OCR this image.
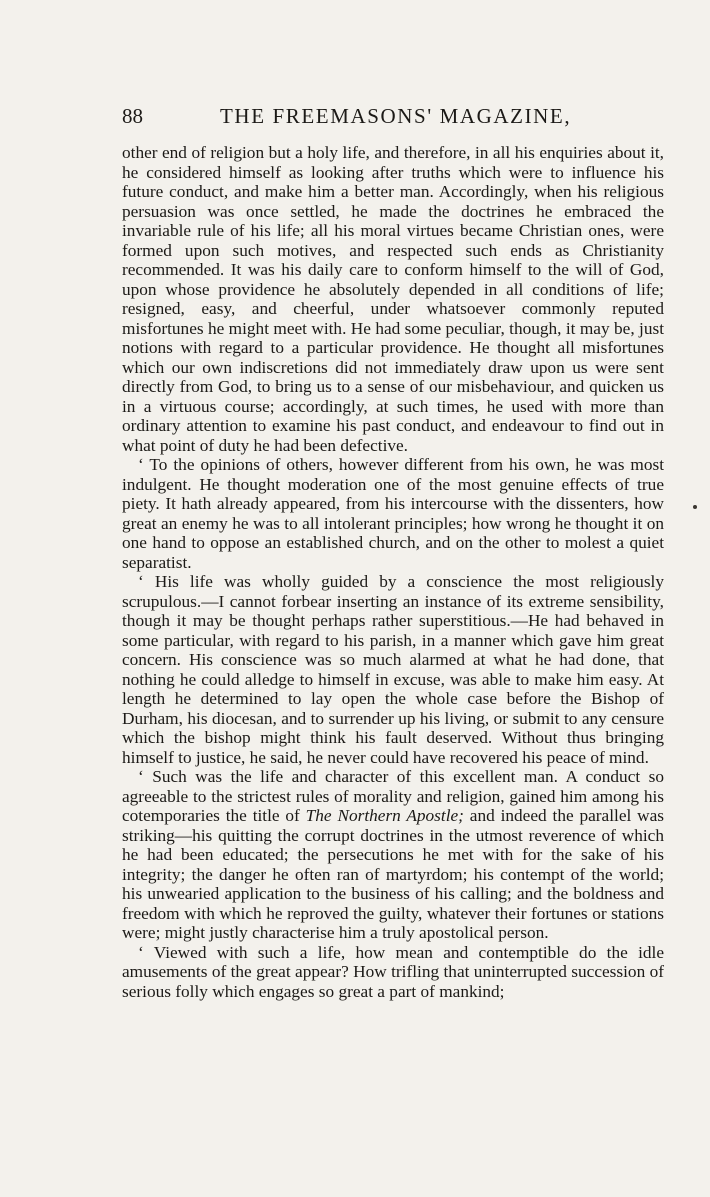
88	THE FREEMASONS' MAGAZINE,

other end of religion but a holy life, and therefore, in all his enquiries about it, he considered himself as looking after truths which were to influence his future conduct, and make him a better man. Accordingly, when his religious persuasion was once settled, he made the doctrines he embraced the invariable rule of his life; all his moral virtues became Christian ones, were formed upon such motives, and respected such ends as Christianity recommended. It was his daily care to conform himself to the will of God, upon whose providence he absolutely depended in all conditions of life; resigned, easy, and cheerful, under whatsoever commonly reputed misfortunes he might meet with. He had some peculiar, though, it may be, just notions with regard to a particular providence. He thought all misfortunes which our own indiscretions did not immediately draw upon us were sent directly from God, to bring us to a sense of our misbehaviour, and quicken us in a virtuous course; accordingly, at such times, he used with more than ordinary attention to examine his past conduct, and endeavour to find out in what point of duty he had been defective.

‘ To the opinions of others, however different from his own, he was most indulgent. He thought moderation one of the most genuine effects of true piety. It hath already appeared, from his intercourse with the dissenters, how great an enemy he was to all intolerant principles; how wrong he thought it on one hand to oppose an established church, and on the other to molest a quiet separatist.

‘ His life was wholly guided by a conscience the most religiously scrupulous.—I cannot forbear inserting an instance of its extreme sensibility, though it may be thought perhaps rather superstitious.—He had behaved in some particular, with regard to his parish, in a manner which gave him great concern. His conscience was so much alarmed at what he had done, that nothing he could alledge to himself in excuse, was able to make him easy. At length he determined to lay open the whole case before the Bishop of Durham, his diocesan, and to surrender up his living, or submit to any censure which the bishop might think his fault deserved. Without thus bringing himself to justice, he said, he never could have recovered his peace of mind.

‘ Such was the life and character of this excellent man. A conduct so agreeable to the strictest rules of morality and religion, gained him among his cotemporaries the title of The Northern Apostle; and indeed the parallel was striking—his quitting the corrupt doctrines in the utmost reverence of which he had been educated; the persecutions he met with for the sake of his integrity; the danger he often ran of martyrdom; his contempt of the world; his unwearied application to the business of his calling; and the boldness and freedom with which he reproved the guilty, whatever their fortunes or stations were; might justly characterise him a truly apostolical person.

‘ Viewed with such a life, how mean and contemptible do the idle amusements of the great appear? How trifling that uninterrupted succession of serious folly which engages so great a part of mankind;
